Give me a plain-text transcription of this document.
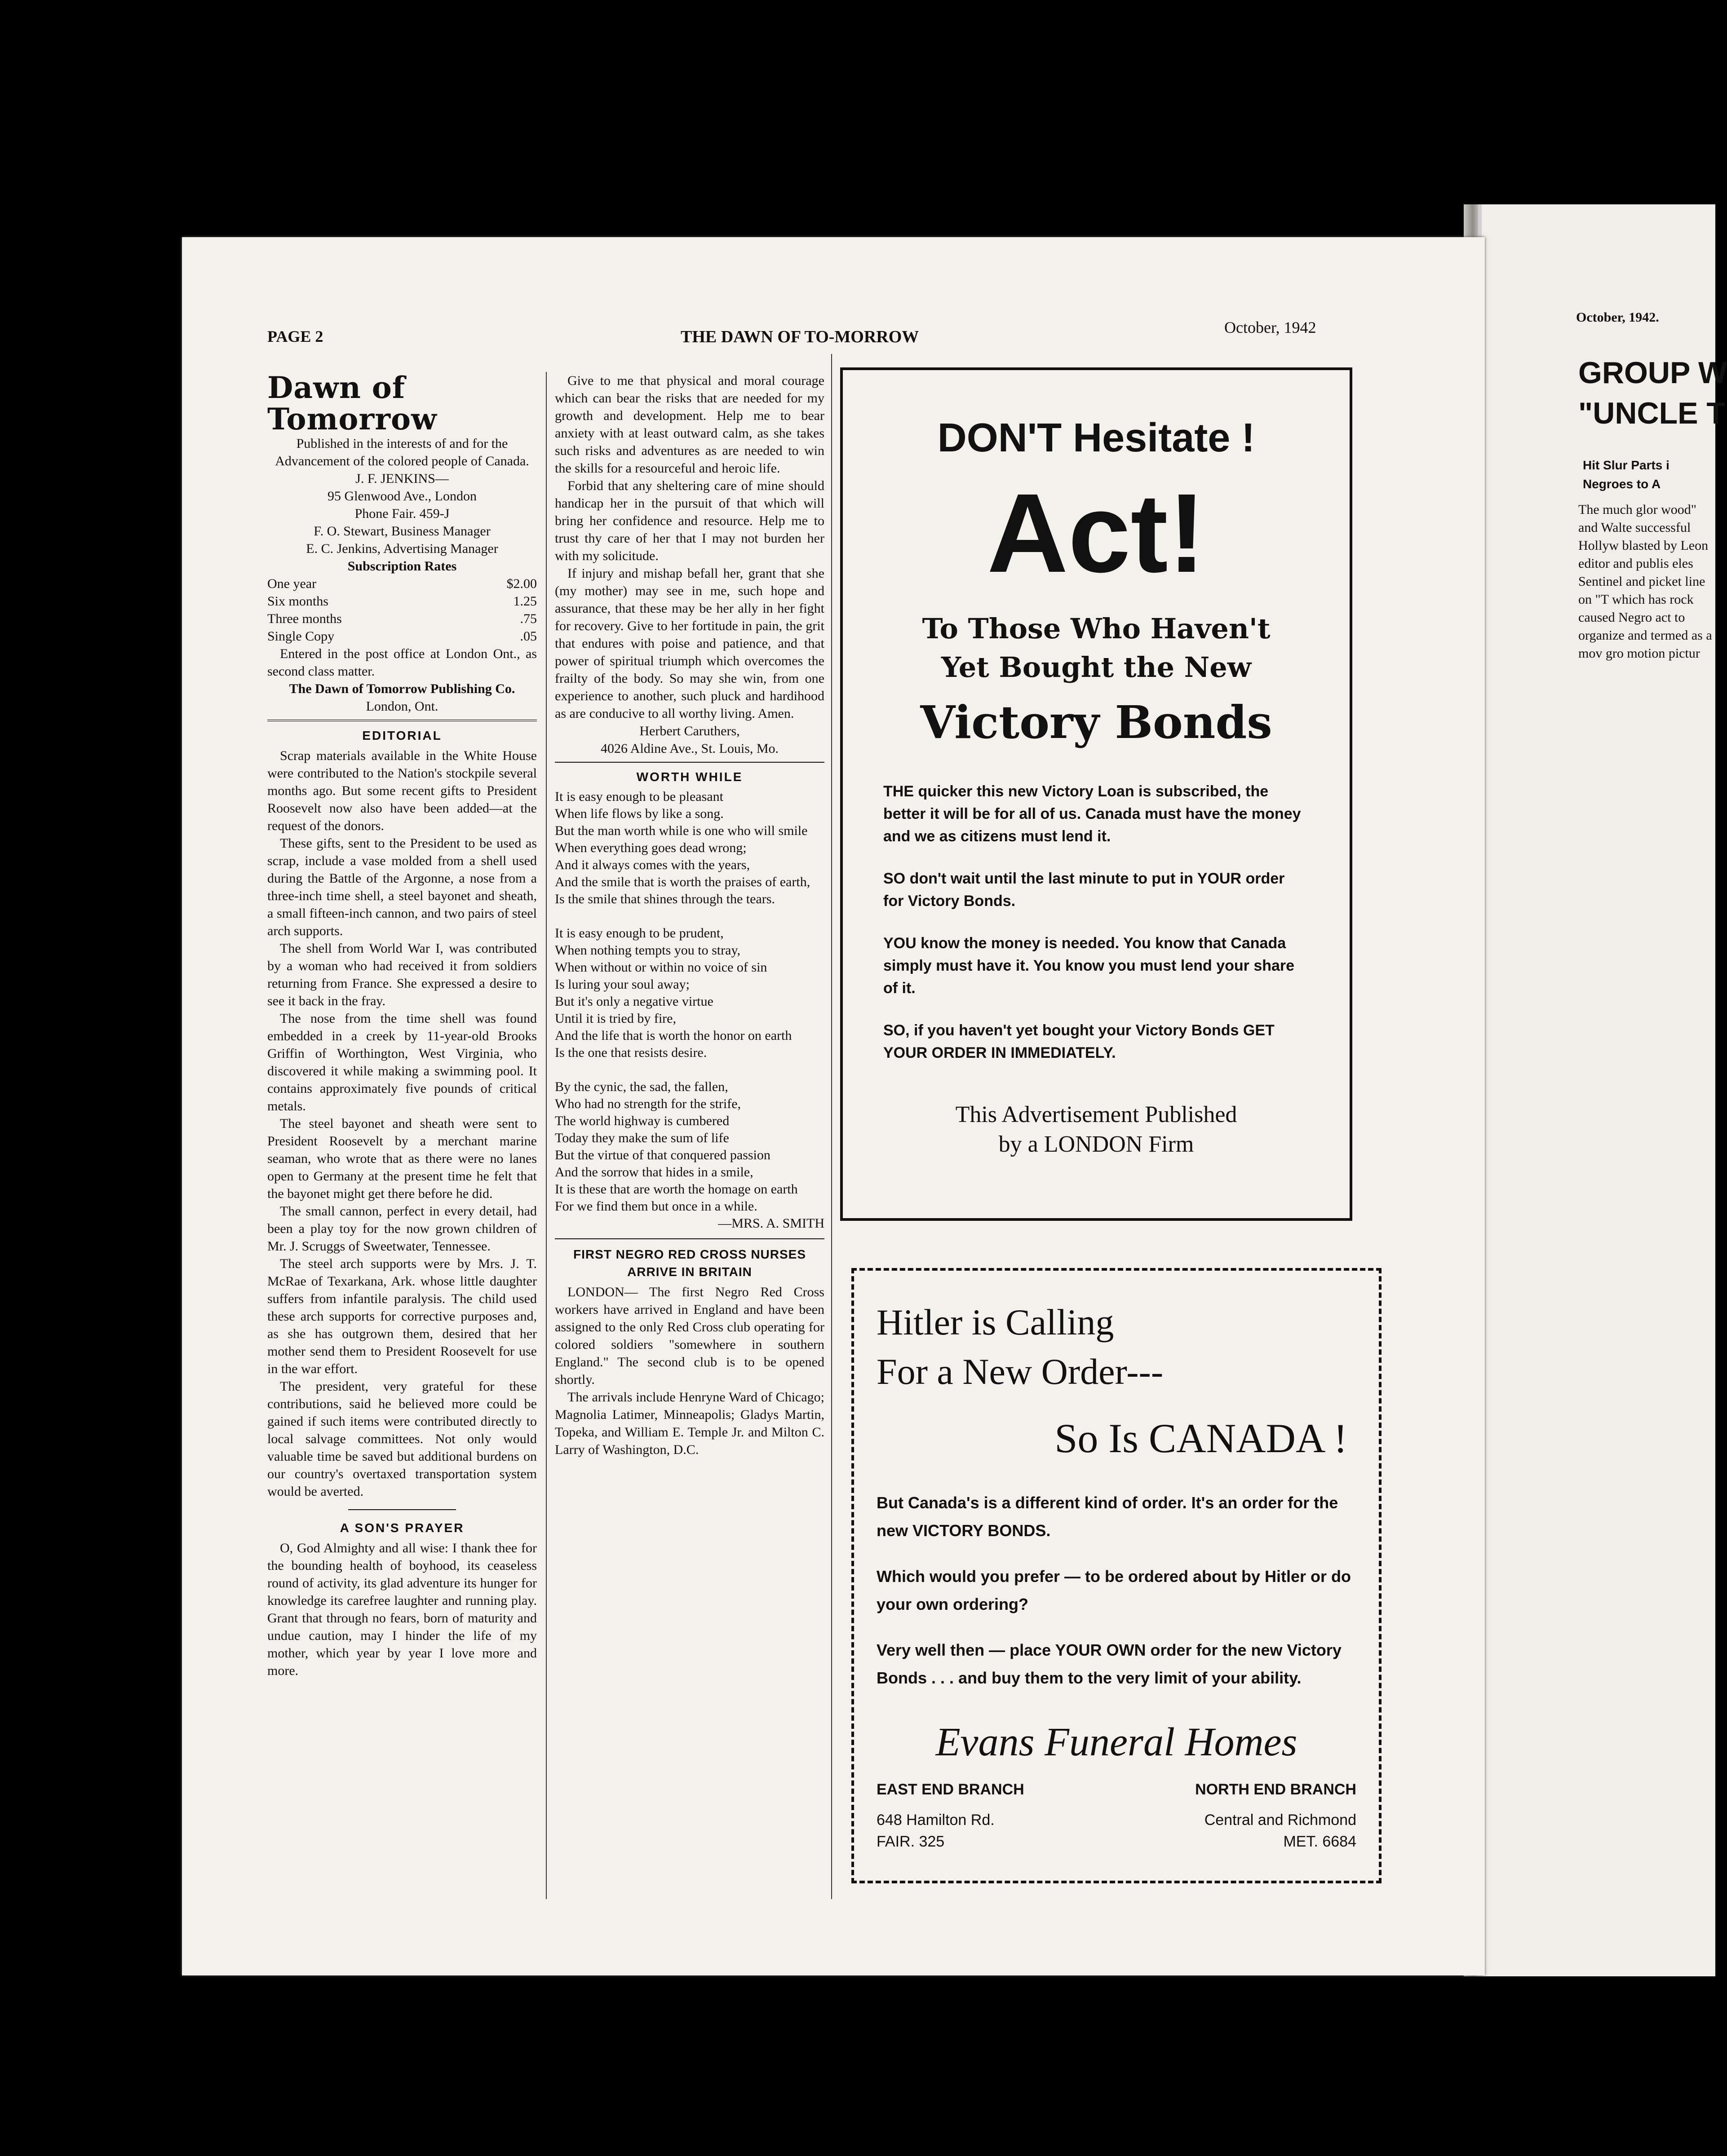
October, 1942.
GROUP W
"UNCLE T
Hit Slur Parts i
Negroes to A
The much glor wood" and Walte successful Hollyw blasted by Leon editor and publis eles Sentinel and picket line on "T which has rock caused Negro act to organize and termed as a mov gro motion pictur
PAGE 2	THE DAWN OF TO-MORROW	October, 1942
Dawn of Tomorrow

Published in the interests of and for the Advancement of the colored people of Canada.

J. F. JENKINS—

95 Glenwood Ave., London

Phone Fair. 459-J

F. O. Stewart, Business Manager

E. C. Jenkins, Advertising Manager

Subscription Rates

One year	$2.00
Six months	1.25
Three months	.75
Single Copy	.05

Entered in the post office at London Ont., as second class matter.

The Dawn of Tomorrow Publishing Co.

London, Ont.

EDITORIAL

Scrap materials available in the White House were contributed to the Nation's stockpile several months ago. But some recent gifts to President Roosevelt now also have been added—at the request of the donors.

These gifts, sent to the President to be used as scrap, include a vase molded from a shell used during the Battle of the Argonne, a nose from a three-inch time shell, a steel bayonet and sheath, a small fifteen-inch cannon, and two pairs of steel arch supports.

The shell from World War I, was contributed by a woman who had received it from soldiers returning from France. She expressed a desire to see it back in the fray.

The nose from the time shell was found embedded in a creek by 11-year-old Brooks Griffin of Worthington, West Virginia, who discovered it while making a swimming pool. It contains approximately five pounds of critical metals.

The steel bayonet and sheath were sent to President Roosevelt by a merchant marine seaman, who wrote that as there were no lanes open to Germany at the present time he felt that the bayonet might get there before he did.

The small cannon, perfect in every detail, had been a play toy for the now grown children of Mr. J. Scruggs of Sweetwater, Tennessee.

The steel arch supports were by Mrs. J. T. McRae of Texarkana, Ark. whose little daughter suffers from infantile paralysis. The child used these arch supports for corrective purposes and, as she has outgrown them, desired that her mother send them to President Roosevelt for use in the war effort.

The president, very grateful for these contributions, said he believed more could be gained if such items were contributed directly to local salvage committees. Not only would valuable time be saved but additional burdens on our country's overtaxed transportation system would be averted.

A SON'S PRAYER

O, God Almighty and all wise: I thank thee for the bounding health of boyhood, its ceaseless round of activity, its glad adventure its hunger for knowledge its carefree laughter and running play. Grant that through no fears, born of maturity and undue caution, may I hinder the life of my mother, which year by year I love more and more.

Give to me that physical and moral courage which can bear the risks that are needed for my growth and development. Help me to bear anxiety with at least outward calm, as she takes such risks and adventures as are needed to win the skills for a resourceful and heroic life.

Forbid that any sheltering care of mine should handicap her in the pursuit of that which will bring her confidence and resource. Help me to trust thy care of her that I may not burden her with my solicitude.

If injury and mishap befall her, grant that she (my mother) may see in me, such hope and assurance, that these may be her ally in her fight for recovery. Give to her fortitude in pain, the grit that endures with poise and patience, and that power of spiritual triumph which overcomes the frailty of the body. So may she win, from one experience to another, such pluck and hardihood as are conducive to all worthy living. Amen.

Herbert Caruthers,

4026 Aldine Ave., St. Louis, Mo.

WORTH WHILE
It is easy enough to be pleasant
When life flows by like a song.
But the man worth while is one who will smile
When everything goes dead wrong;
And it always comes with the years,
And the smile that is worth the praises of earth,
Is the smile that shines through the tears.
It is easy enough to be prudent,
When nothing tempts you to stray,
When without or within no voice of sin
Is luring your soul away;
But it's only a negative virtue
Until it is tried by fire,
And the life that is worth the honor on earth
Is the one that resists desire.
By the cynic, the sad, the fallen,
Who had no strength for the strife,
The world highway is cumbered
Today they make the sum of life
But the virtue of that conquered passion
And the sorrow that hides in a smile,
It is these that are worth the homage on earth
For we find them but once in a while.
—MRS. A. SMITH
FIRST NEGRO RED CROSS NURSES ARRIVE IN BRITAIN

LONDON— The first Negro Red Cross workers have arrived in England and have been assigned to the only Red Cross club operating for colored soldiers "somewhere in southern England." The second club is to be opened shortly.

The arrivals include Henryne Ward of Chicago; Magnolia Latimer, Minneapolis; Gladys Martin, Topeka, and William E. Temple Jr. and Milton C. Larry of Washington, D.C.

DON'T Hesitate !
Act!
To Those Who Haven't
Yet Bought the New
Victory Bonds

THE quicker this new Victory Loan is subscribed, the better it will be for all of us. Canada must have the money and we as citizens must lend it.

SO don't wait until the last minute to put in YOUR order for Victory Bonds.

YOU know the money is needed. You know that Canada simply must have it. You know you must lend your share of it.

SO, if you haven't yet bought your Victory Bonds GET YOUR ORDER IN IMMEDIATELY.

This Advertisement Published
by a LONDON Firm
Hitler is Calling
For a New Order---
So Is CANADA !

But Canada's is a different kind of order. It's an order for the new VICTORY BONDS.

Which would you prefer — to be ordered about by Hitler or do your own ordering?

Very well then — place YOUR OWN order for the new Victory Bonds . . . and buy them to the very limit of your ability.

Evans Funeral Homes
EAST END BRANCH
648 Hamilton Rd.
FAIR. 325
NORTH END BRANCH
Central and Richmond
MET. 6684
